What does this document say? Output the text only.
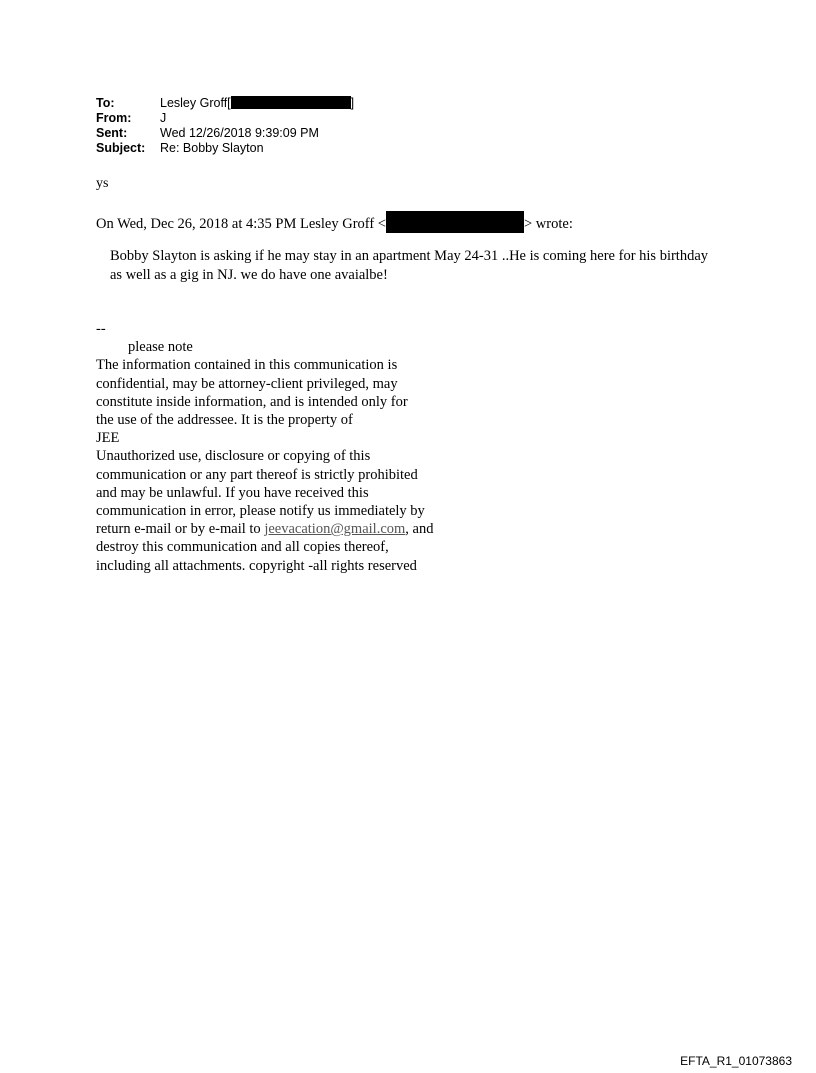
To:	Lesley Groff[	]
From:	J
Sent:	Wed 12/26/2018 9:39:09 PM
Subject:	Re: Bobby Slayton
ys
On Wed, Dec 26, 2018 at 4:35 PM Lesley Groff <	> wrote:
Bobby Slayton is asking if he may stay in an apartment May 24-31 ..He is coming here for his birthday as well as a gig in NJ. we do have one avaialbe!
--
please note
The information contained in this communication is
confidential, may be attorney-client privileged, may
constitute inside information, and is intended only for
the use of the addressee. It is the property of
JEE
Unauthorized use, disclosure or copying of this
communication or any part thereof is strictly prohibited
and may be unlawful. If you have received this
communication in error, please notify us immediately by
return e-mail or by e-mail to jeevacation@gmail.com, and
destroy this communication and all copies thereof,
including all attachments. copyright -all rights reserved
EFTA_R1_01073863
